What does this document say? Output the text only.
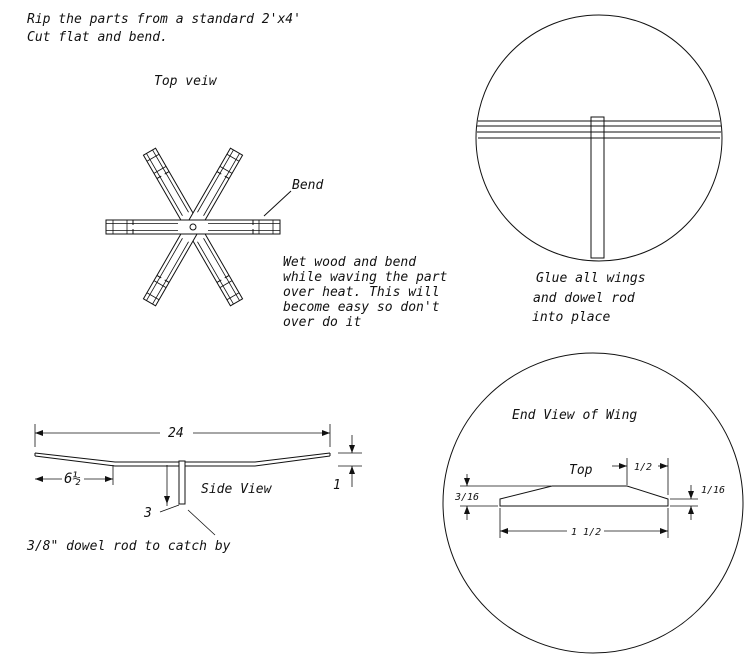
Rip the parts from a standard 2'x4'
Cut flat and bend.
Top veiw
Bend
Wet wood and bend
while waving the part
over heat. This will
become easy so don't
over do it
Glue all wings
and dowel rod
into place
24
6½
3
1
Side View
3/8" dowel rod to catch by
End View of Wing
Top	1/2
3/16
1/16
1 1/2
